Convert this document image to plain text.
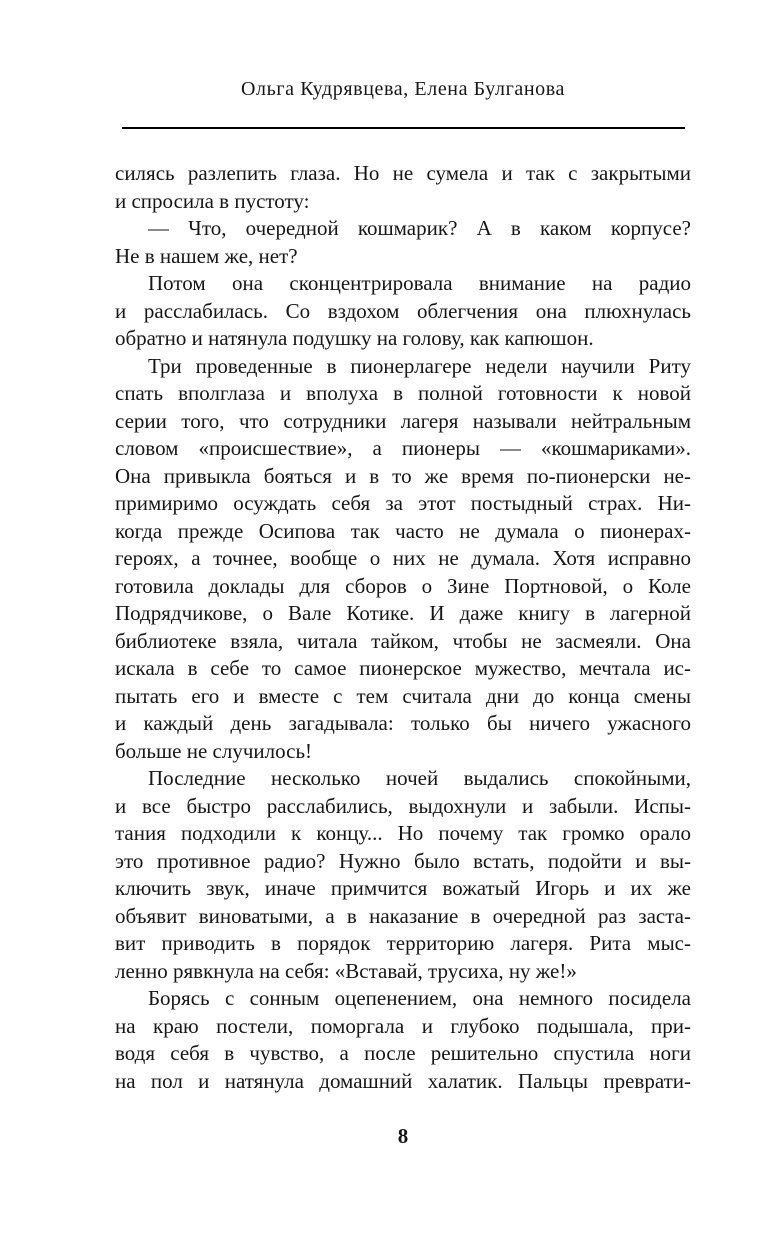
Ольга Кудрявцева, Елена Булганова
силясь разлепить глаза. Но не сумела и так с закрытыми
и спросила в пустоту:
— Что, очередной кошмарик? А в каком корпусе?
Не в нашем же, нет?
Потом она сконцентрировала внимание на радио
и расслабилась. Со вздохом облегчения она плюхнулась
обратно и натянула подушку на голову, как капюшон.
Три проведенные в пионерлагере недели научили Риту
спать вполглаза и вполуха в полной готовности к новой
серии того, что сотрудники лагеря называли нейтральным
словом «происшествие», а пионеры — «кошмариками».
Она привыкла бояться и в то же время по-пионерски не-
примиримо осуждать себя за этот постыдный страх. Ни-
когда прежде Осипова так часто не думала о пионерах-
героях, а точнее, вообще о них не думала. Хотя исправно
готовила доклады для сборов о Зине Портновой, о Коле
Подрядчикове, о Вале Котике. И даже книгу в лагерной
библиотеке взяла, читала тайком, чтобы не засмеяли. Она
искала в себе то самое пионерское мужество, мечтала ис-
пытать его и вместе с тем считала дни до конца смены
и каждый день загадывала: только бы ничего ужасного
больше не случилось!
Последние несколько ночей выдались спокойными,
и все быстро расслабились, выдохнули и забыли. Испы-
тания подходили к концу... Но почему так громко орало
это противное радио? Нужно было встать, подойти и вы-
ключить звук, иначе примчится вожатый Игорь и их же
объявит виноватыми, а в наказание в очередной раз заста-
вит приводить в порядок территорию лагеря. Рита мыс-
ленно рявкнула на себя: «Вставай, трусиха, ну же!»
Борясь с сонным оцепенением, она немного посидела
на краю постели, поморгала и глубоко подышала, при-
водя себя в чувство, а после решительно спустила ноги
на пол и натянула домашний халатик. Пальцы преврати-
8
